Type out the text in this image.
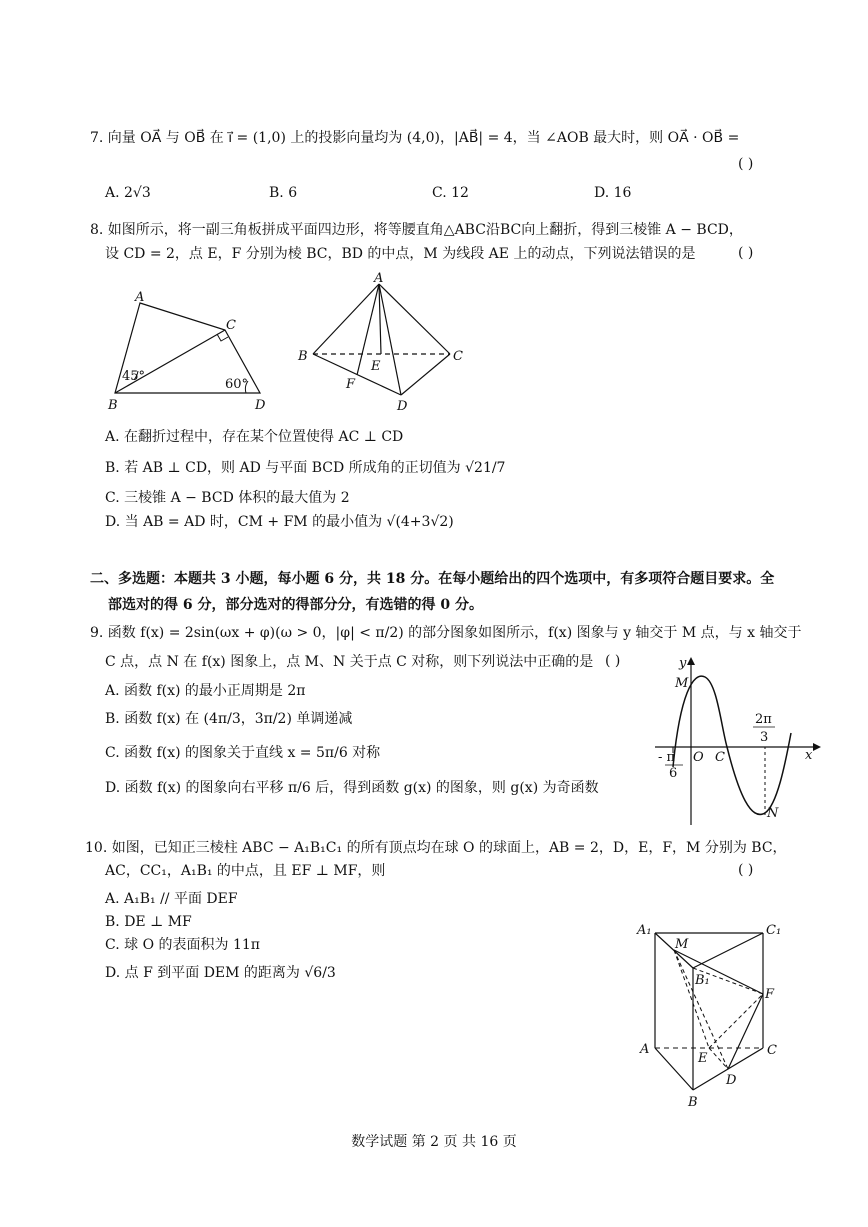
7. 向量 OA⃗ 与 OB⃗ 在 i⃗ = (1,0) 上的投影向量均为 (4,0)，|AB⃗| = 4，当 ∠AOB 最大时，则 OA⃗ · OB⃗ =
( )
A. 2√3	B. 6	C. 12	D. 16
8. 如图所示，将一副三角板拼成平面四边形，将等腰直角△ABC沿BC向上翻折，得到三棱锥 A − BCD，
设 CD = 2，点 E，F 分别为棱 BC，BD 的中点，M 为线段 AE 上的动点，下列说法错误的是	( )
A
C
B	D
45°
60°
A
B	C
E
F
D
A. 在翻折过程中，存在某个位置使得 AC ⊥ CD
B. 若 AB ⊥ CD，则 AD 与平面 BCD 所成角的正切值为 √21/7
C. 三棱锥 A − BCD 体积的最大值为 2
D. 当 AB = AD 时，CM + FM 的最小值为 √(4+3√2)
二、多选题：本题共 3 小题，每小题 6 分，共 18 分。在每小题给出的四个选项中，有多项符合题目要求。全
部选对的得 6 分，部分选对的得部分分，有选错的得 0 分。
9. 函数 f(x) = 2sin(ωx + φ)(ω > 0，|φ| < π/2) 的部分图象如图所示，f(x) 图象与 y 轴交于 M 点，与 x 轴交于
C 点，点 N 在 f(x) 图象上，点 M、N 关于点 C 对称，则下列说法中正确的是 ( )	y
x
M
O C
N
- π
6
2π
3
A. 函数 f(x) 的最小正周期是 2π
B. 函数 f(x) 在 (4π/3，3π/2) 单调递减
C. 函数 f(x) 的图象关于直线 x = 5π/6 对称
D. 函数 f(x) 的图象向右平移 π/6 后，得到函数 g(x) 的图象，则 g(x) 为奇函数
10. 如图，已知正三棱柱 ABC − A₁B₁C₁ 的所有顶点均在球 O 的球面上，AB = 2，D，E，F，M 分别为 BC，
AC，CC₁，A₁B₁ 的中点，且 EF ⊥ MF，则	( )
A. A₁B₁ // 平面 DEF
B. DE ⊥ MF
C. 球 O 的表面积为 11π
D. 点 F 到平面 DEM 的距离为 √6/3
A₁
M
C₁
B₁
F
A	C
E
D
B
数学试题 第 2 页 共 16 页
